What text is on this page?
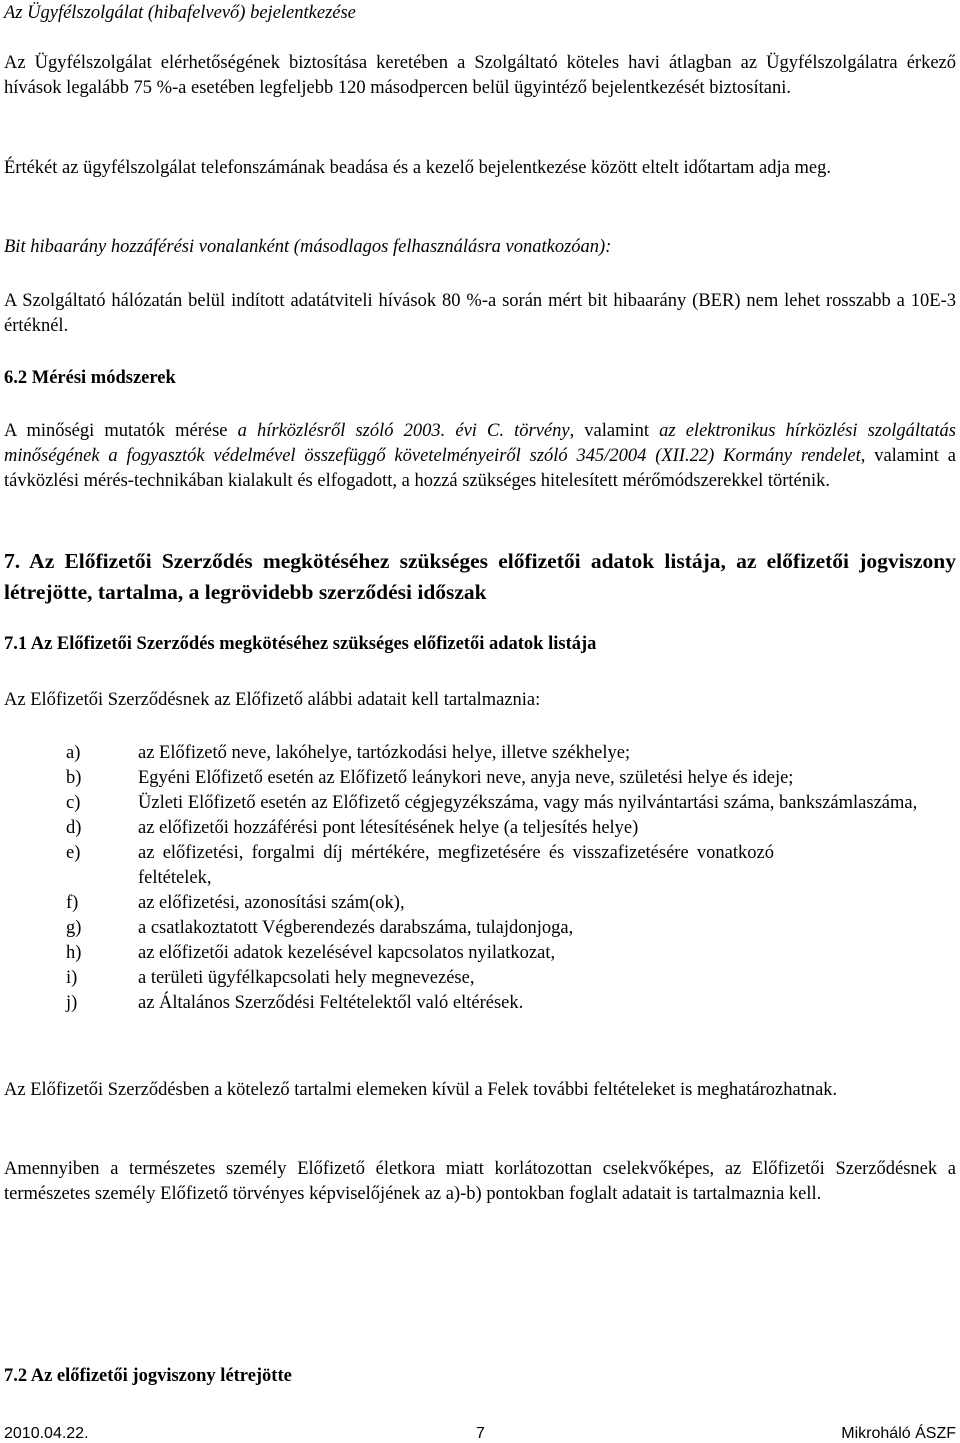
Az Ügyfélszolgálat (hibafelvevő) bejelentkezése

Az Ügyfélszolgálat elérhetőségének biztosítása keretében a Szolgáltató köteles havi átlagban az Ügyfélszolgálatra érkező hívások legalább 75 %-a esetében legfeljebb 120 másodpercen belül ügyintéző bejelentkezését biztosítani.

Értékét az ügyfélszolgálat telefonszámának beadása és a kezelő bejelentkezése között eltelt időtartam adja meg.

Bit hibaarány hozzáférési vonalanként (másodlagos felhasználásra vonatkozóan):

A Szolgáltató hálózatán belül indított adatátviteli hívások 80 %-a során mért bit hibaarány (BER) nem lehet rosszabb a 10E-3 értéknél.

6.2 Mérési módszerek

A minőségi mutatók mérése a hírközlésről szóló 2003. évi C. törvény, valamint az elektronikus hírközlési szolgáltatás minőségének a fogyasztók védelmével összefüggő követelményeiről szóló 345/2004 (XII.22) Kormány rendelet, valamint a távközlési mérés-technikában kialakult és elfogadott, a hozzá szükséges hitelesített mérőmódszerekkel történik.

7. Az Előfizetői Szerződés megkötéséhez szükséges előfizetői adatok listája, az előfizetői jogviszony létrejötte, tartalma, a legrövidebb szerződési időszak

7.1 Az Előfizetői Szerződés megkötéséhez szükséges előfizetői adatok listája

Az Előfizetői Szerződésnek az Előfizető alábbi adatait kell tartalmaznia:

a)	az Előfizető neve, lakóhelye, tartózkodási helye, illetve székhelye;
b)	Egyéni Előfizető esetén az Előfizető leánykori neve, anyja neve, születési helye és ideje;
c)	Üzleti Előfizető esetén az Előfizető cégjegyzékszáma, vagy más nyilvántartási száma, bankszámlaszáma,
d)	az előfizetői hozzáférési pont létesítésének helye (a teljesítés helye)
e)	az előfizetési, forgalmi díj mértékére, megfizetésére és visszafizetésére vonatkozó feltételek,
f)	az előfizetési, azonosítási szám(ok),
g)	a csatlakoztatott Végberendezés darabszáma, tulajdonjoga,
h)	az előfizetői adatok kezelésével kapcsolatos nyilatkozat,
i)	a területi ügyfélkapcsolati hely megnevezése,
j)	az Általános Szerződési Feltételektől való eltérések.

Az Előfizetői Szerződésben a kötelező tartalmi elemeken kívül a Felek további feltételeket is meghatározhatnak.

Amennyiben a természetes személy Előfizető életkora miatt korlátozottan cselekvőképes, az Előfizetői Szerződésnek a természetes személy Előfizető törvényes képviselőjének az a)-b) pontokban foglalt adatait is tartalmaznia kell.

7.2 Az előfizetői jogviszony létrejötte

2010.04.22.	7	Mikroháló ÁSZF
